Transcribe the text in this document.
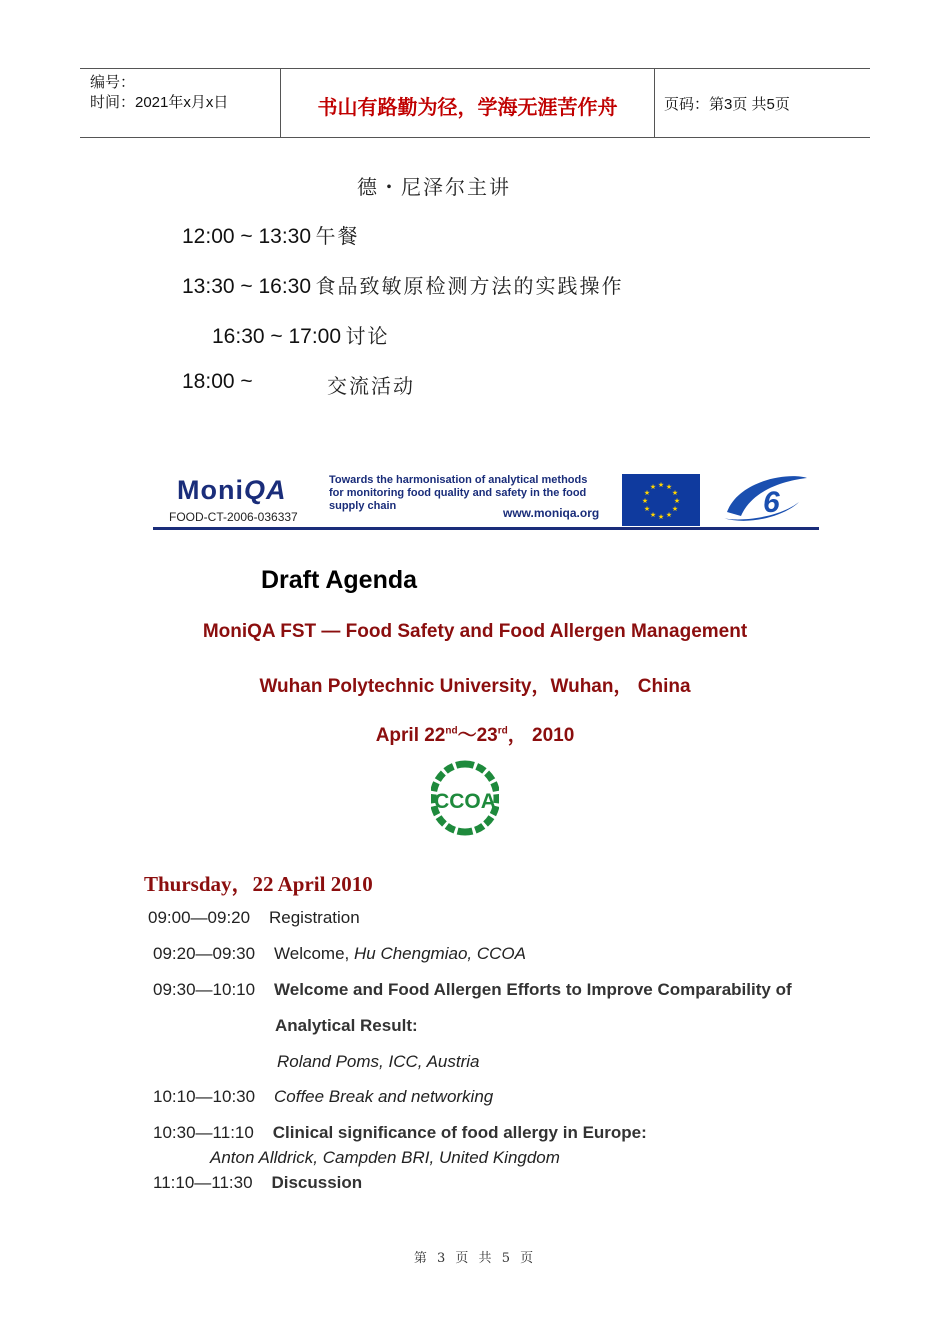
编号：
时间：2021年x月x日	书山有路勤为径，学海无涯苦作舟	页码：第3页 共5页
德・尼泽尔主讲
12:00 ~ 13:30 午餐
13:30 ~ 16:30 食品致敏原检测方法的实践操作
16:30 ~ 17:00 讨论
18:00 ~	交流活动
MoniQA
FOOD-CT-2006-036337
Towards the harmonisation of analytical methods for monitoring food quality and safety in the food supply chain	www.moniqa.org
★ ★
★
★
★
★
★
★
★
★
★
★	6
Draft Agenda
MoniQA FST — Food Safety and Food Allergen Management
Wuhan Polytechnic University，Wuhan， China
April 22nd～23rd， 2010
CCOA
Thursday，22 April 2010
09:00—09:20 Registration
09:20—09:30 Welcome, Hu Chengmiao, CCOA
09:30—10:10 Welcome and Food Allergen Efforts to Improve Comparability of
Analytical Result:
Roland Poms, ICC, Austria
10:10—10:30 Coffee Break and networking
10:30—11:10 Clinical significance of food allergy in Europe:
Anton Alldrick, Campden BRI, United Kingdom
11:10—11:30 Discussion
第 3 页 共 5 页
